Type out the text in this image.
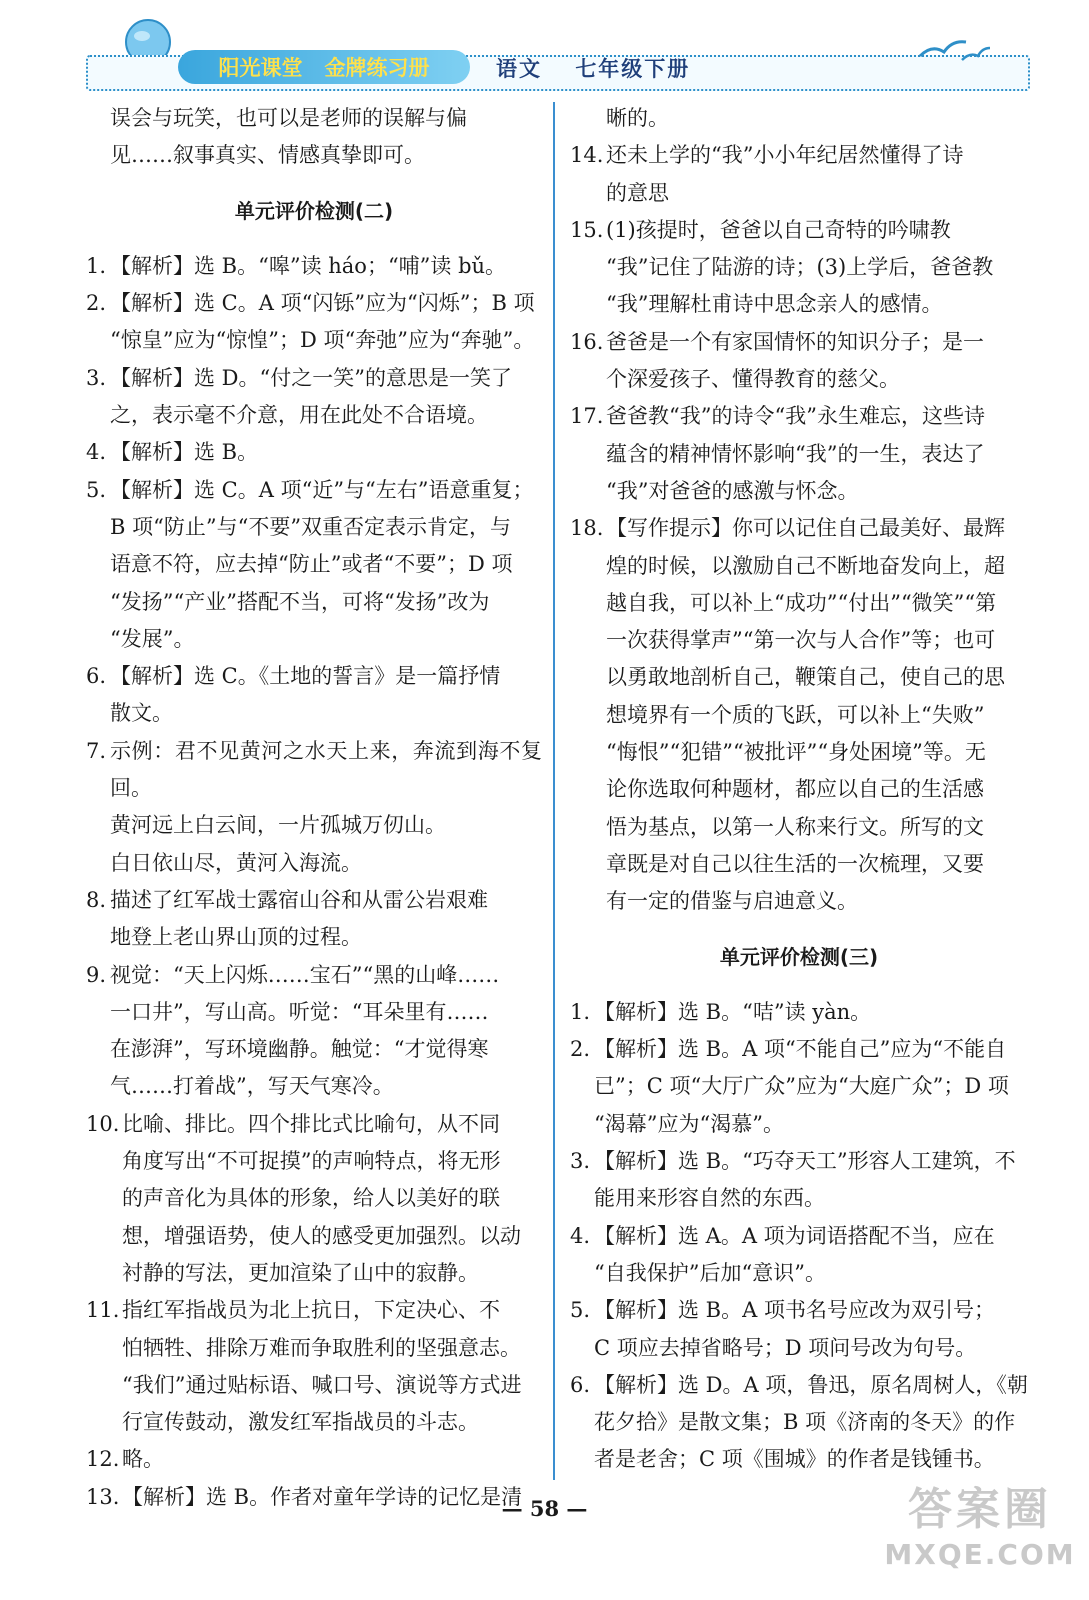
阳光课堂 金牌练习册	语文 七年级下册
误会与玩笑，也可以是老师的误解与偏
见……叙事真实、情感真挚即可。
单元评价检测(二)
1. 【解析】选 B。“嗥”读 háo；“哺”读 bǔ。
2. 【解析】选 C。A 项“闪铄”应为“闪烁”；B 项
“惊皇”应为“惊惶”；D 项“奔弛”应为“奔驰”。
3. 【解析】选 D。“付之一笑”的意思是一笑了
之，表示毫不介意，用在此处不合语境。
4. 【解析】选 B。
5. 【解析】选 C。A 项“近”与“左右”语意重复；
B 项“防止”与“不要”双重否定表示肯定，与
语意不符，应去掉“防止”或者“不要”；D 项
“发扬”“产业”搭配不当，可将“发扬”改为
“发展”。
6. 【解析】选 C。《土地的誓言》是一篇抒情
散文。
7. 示例：君不见黄河之水天上来，奔流到海不复回。
黄河远上白云间，一片孤城万仞山。
白日依山尽，黄河入海流。
8. 描述了红军战士露宿山谷和从雷公岩艰难
地登上老山界山顶的过程。
9. 视觉：“天上闪烁……宝石”“黑的山峰……
一口井”，写山高。听觉：“耳朵里有……
在澎湃”，写环境幽静。触觉：“才觉得寒
气……打着战”，写天气寒冷。
10. 比喻、排比。四个排比式比喻句，从不同
角度写出“不可捉摸”的声响特点，将无形
的声音化为具体的形象，给人以美好的联
想，增强语势，使人的感受更加强烈。以动
衬静的写法，更加渲染了山中的寂静。
11. 指红军指战员为北上抗日，下定决心、不
怕牺牲、排除万难而争取胜利的坚强意志。
“我们”通过贴标语、喊口号、演说等方式进
行宣传鼓动，激发红军指战员的斗志。
12. 略。
13. 【解析】选 B。作者对童年学诗的记忆是清
晰的。
14. 还未上学的“我”小小年纪居然懂得了诗
的意思
15. (1)孩提时，爸爸以自己奇特的吟啸教
“我”记住了陆游的诗；(3)上学后，爸爸教
“我”理解杜甫诗中思念亲人的感情。
16. 爸爸是一个有家国情怀的知识分子；是一
个深爱孩子、懂得教育的慈父。
17. 爸爸教“我”的诗令“我”永生难忘，这些诗
蕴含的精神情怀影响“我”的一生，表达了
“我”对爸爸的感激与怀念。
18. 【写作提示】你可以记住自己最美好、最辉
煌的时候，以激励自己不断地奋发向上，超
越自我，可以补上“成功”“付出”“微笑”“第
一次获得掌声”“第一次与人合作”等；也可
以勇敢地剖析自己，鞭策自己，使自己的思
想境界有一个质的飞跃，可以补上“失败”
“悔恨”“犯错”“被批评”“身处困境”等。无
论你选取何种题材，都应以自己的生活感
悟为基点，以第一人称来行文。所写的文
章既是对自己以往生活的一次梳理，又要
有一定的借鉴与启迪意义。
单元评价检测(三)
1. 【解析】选 B。“咭”读 yàn。
2. 【解析】选 B。A 项“不能自己”应为“不能自
已”；C 项“大厅广众”应为“大庭广众”；D 项
“渴幕”应为“渴慕”。
3. 【解析】选 B。“巧夺天工”形容人工建筑，不
能用来形容自然的东西。
4. 【解析】选 A。A 项为词语搭配不当，应在
“自我保护”后加“意识”。
5. 【解析】选 B。A 项书名号应改为双引号；
C 项应去掉省略号；D 项问号改为句号。
6. 【解析】选 D。A 项，鲁迅，原名周树人，《朝
花夕拾》是散文集；B 项《济南的冬天》的作
者是老舍；C 项《围城》的作者是钱锺书。
— 58 —	答案圈
MXQE.COM
